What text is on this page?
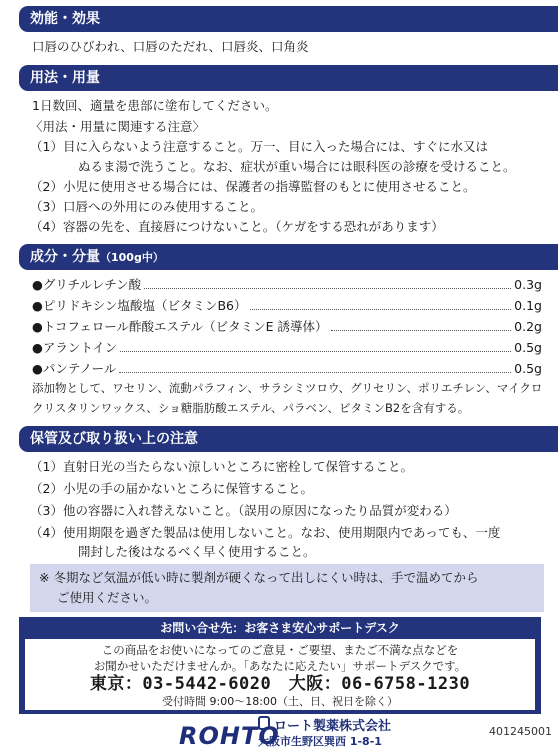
効能・効果
口唇のひびわれ、口唇のただれ、口唇炎、口角炎
用法・用量
1日数回、適量を患部に塗布してください。
〈用法・用量に関連する注意〉
（1）目に入らないよう注意すること。万一、目に入った場合には、すぐに水又は
ぬるま湯で洗うこと。なお、症状が重い場合には眼科医の診療を受けること。
（2）小児に使用させる場合には、保護者の指導監督のもとに使用させること。
（3）口唇への外用にのみ使用すること。
（4）容器の先を、直接唇につけないこと。（ケガをする恐れがあります）
成分・分量（100g中）
●グリチルレチン酸	0.3g
●ピリドキシン塩酸塩（ビタミンB6）	0.1g
●トコフェロール酢酸エステル（ビタミンE 誘導体）	0.2g
●アラントイン	0.5g
●パンテノール	0.5g
添加物として、ワセリン、流動パラフィン、サラシミツロウ、グリセリン、ポリエチレン、マイクロ
クリスタリンワックス、ショ糖脂肪酸エステル、パラベン、ビタミンB2を含有する。
保管及び取り扱い上の注意
（1）直射日光の当たらない涼しいところに密栓して保管すること。
（2）小児の手の届かないところに保管すること。
（3）他の容器に入れ替えないこと。（誤用の原因になったり品質が変わる）
（4）使用期限を過ぎた製品は使用しないこと。なお、使用期限内であっても、一度
開封した後はなるべく早く使用すること。
※ 冬期など気温が低い時に製剤が硬くなって出しにくい時は、手で温めてから
ご使用ください。
お問い合せ先：お客さま安心サポートデスク
この商品をお使いになってのご意見・ご要望、またご不満な点などを
お聞かせいただけませんか。「あなたに応えたい」サポートデスクです。
東京：03-5442-6020　大阪：06-6758-1230
受付時間 9:00～18:00（土、日、祝日を除く）
ROHTO
ロート製薬株式会社
大阪市生野区巽西 1-8-1
401245001
